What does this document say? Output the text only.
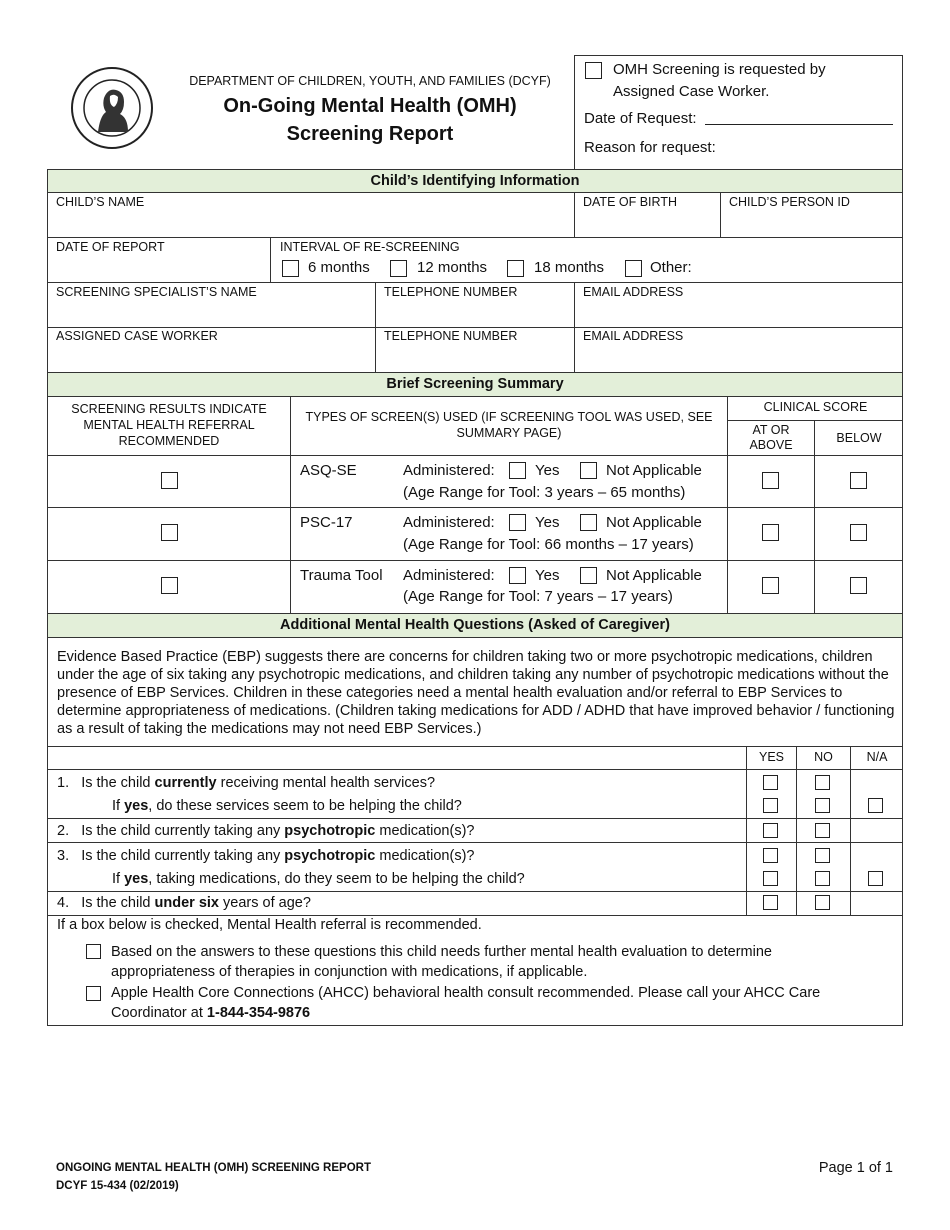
DEPARTMENT OF CHILDREN, YOUTH, AND FAMILIES (DCYF)
On-Going Mental Health (OMH)
Screening Report
OMH Screening is requested by
Assigned Case Worker.
Date of Request:
Reason for request:
Child’s Identifying Information
CHILD’S NAME	DATE OF BIRTH	CHILD’S PERSON ID
DATE OF REPORT	INTERVAL OF RE-SCREENING
6 months	12 months	18 months	Other:
SCREENING SPECIALIST’S NAME	TELEPHONE NUMBER	EMAIL ADDRESS
ASSIGNED CASE WORKER	TELEPHONE NUMBER	EMAIL ADDRESS
Brief Screening Summary
SCREENING RESULTS INDICATE MENTAL HEALTH REFERRAL RECOMMENDED
TYPES OF SCREEN(S) USED (IF SCREENING TOOL WAS USED, SEE SUMMARY PAGE)
CLINICAL SCORE
AT OR ABOVE	BELOW
ASQ-SE	Administered:	Yes	Not Applicable
(Age Range for Tool: 3 years – 65 months)
PSC-17	Administered:	Yes	Not Applicable
(Age Range for Tool: 66 months – 17 years)
Trauma Tool Administered:	Yes	Not Applicable
(Age Range for Tool: 7 years – 17 years)
Additional Mental Health Questions (Asked of Caregiver)
Evidence Based Practice (EBP) suggests there are concerns for children taking two or more psychotropic medications, children under the age of six taking any psychotropic medications, and children taking any number of psychotropic medications without the presence of EBP Services. Children in these categories need a mental health evaluation and/or referral to EBP Services to determine appropriateness of medications. (Children taking medications for ADD / ADHD that have improved behavior / functioning as a result of taking the medications may not need EBP Services.)
YES	NO	N/A
1. Is the child currently receiving mental health services?
If yes, do these services seem to be helping the child?
2. Is the child currently taking any psychotropic medication(s)?
3. Is the child currently taking any psychotropic medication(s)?
If yes, taking medications, do they seem to be helping the child?
4. Is the child under six years of age?
If a box below is checked, Mental Health referral is recommended.
Based on the answers to these questions this child needs further mental health evaluation to determine
appropriateness of therapies in conjunction with medications, if applicable.
Apple Health Core Connections (AHCC) behavioral health consult recommended. Please call your AHCC Care
Coordinator at 1-844-354-9876
ONGOING MENTAL HEALTH (OMH) SCREENING REPORT
DCYF 15-434 (02/2019)
Page 1 of 1
